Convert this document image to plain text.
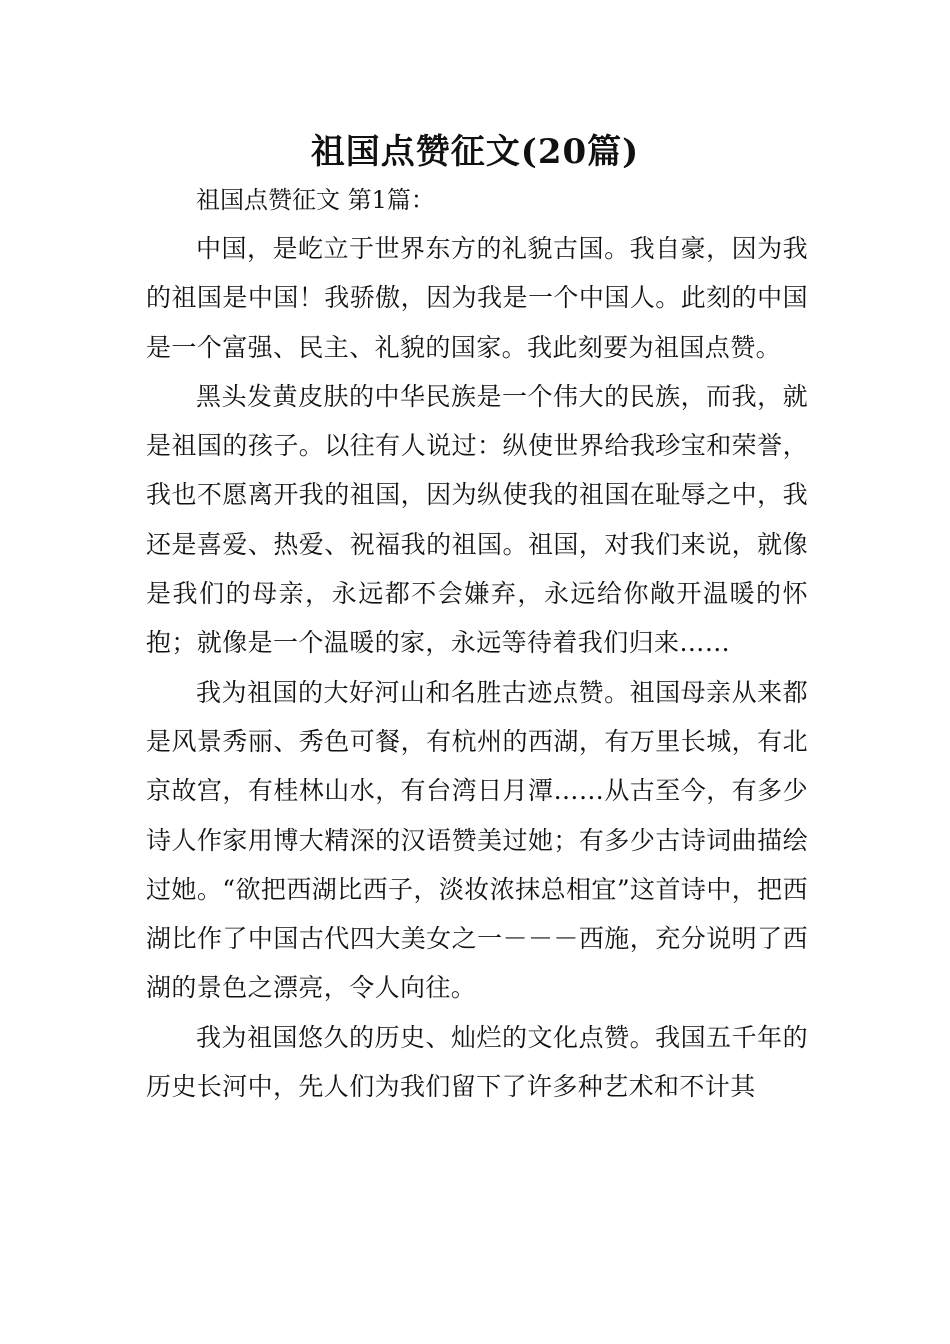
祖国点赞征文(20篇)
祖国点赞征文 第1篇：

中国，是屹立于世界东方的礼貌古国。我自豪，因为我的祖国是中国！我骄傲，因为我是一个中国人。此刻的中国是一个富强、民主、礼貌的国家。我此刻要为祖国点赞。

黑头发黄皮肤的中华民族是一个伟大的民族，而我，就是祖国的孩子。以往有人说过：纵使世界给我珍宝和荣誉，我也不愿离开我的祖国，因为纵使我的祖国在耻辱之中，我还是喜爱、热爱、祝福我的祖国。祖国，对我们来说，就像是我们的母亲，永远都不会嫌弃，永远给你敞开温暖的怀抱；就像是一个温暖的家，永远等待着我们归来……

我为祖国的大好河山和名胜古迹点赞。祖国母亲从来都是风景秀丽、秀色可餐，有杭州的西湖，有万里长城，有北京故宫，有桂林山水，有台湾日月潭……从古至今，有多少诗人作家用博大精深的汉语赞美过她；有多少古诗词曲描绘过她。“欲把西湖比西子，淡妆浓抹总相宜”这首诗中，把西湖比作了中国古代四大美女之一－－－西施，充分说明了西湖的景色之漂亮，令人向往。

我为祖国悠久的历史、灿烂的文化点赞。我国五千年的历史长河中，先人们为我们留下了许多种艺术和不计其
